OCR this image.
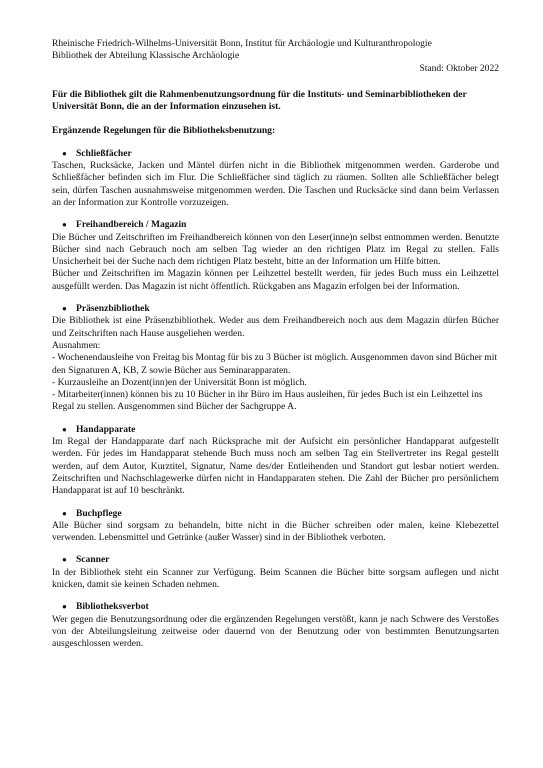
Rheinische Friedrich-Wilhelms-Universität Bonn, Institut für Archäologie und Kulturanthropologie

Bibliothek der Abteilung Klassische Archäologie

Stand: Oktober 2022

Für die Bibliothek gilt die Rahmenbenutzungsordnung für die Instituts- und Seminarbibliotheken der Universität Bonn, die an der Information einzusehen ist.

Ergänzende Regelungen für die Bibliotheksbenutzung:

● Schließfächer

Taschen, Rucksäcke, Jacken und Mäntel dürfen nicht in die Bibliothek mitgenommen werden. Garderobe und Schließfächer befinden sich im Flur. Die Schließfächer sind täglich zu räumen. Sollten alle Schließfächer belegt sein, dürfen Taschen ausnahmsweise mitgenommen werden. Die Taschen und Rucksäcke sind dann beim Verlassen an der Information zur Kontrolle vorzuzeigen.

● Freihandbereich / Magazin

Die Bücher und Zeitschriften im Freihandbereich können von den Leser(inne)n selbst entnommen werden. Benutzte Bücher sind nach Gebrauch noch am selben Tag wieder an den richtigen Platz im Regal zu stellen. Falls Unsicherheit bei der Suche nach dem richtigen Platz besteht, bitte an der Information um Hilfe bitten.

Bücher und Zeitschriften im Magazin können per Leihzettel bestellt werden, für jedes Buch muss ein Leihzettel ausgefüllt werden. Das Magazin ist nicht öffentlich. Rückgaben ans Magazin erfolgen bei der Information.

● Präsenzbibliothek

Die Bibliothek ist eine Präsenzbibliothek. Weder aus dem Freihandbereich noch aus dem Magazin dürfen Bücher und Zeitschriften nach Hause ausgeliehen werden.

Ausnahmen:

- Wochenendausleihe von Freitag bis Montag für bis zu 3 Bücher ist möglich. Ausgenommen davon sind Bücher mit den Signaturen A, KB, Z sowie Bücher aus Seminarapparaten.

- Kurzausleihe an Dozent(inn)en der Universität Bonn ist möglich.

- Mitarbeiter(innen) können bis zu 10 Bücher in ihr Büro im Haus ausleihen, für jedes Buch ist ein Leihzettel ins Regal zu stellen. Ausgenommen sind Bücher der Sachgruppe A.

● Handapparate

Im Regal der Handapparate darf nach Rücksprache mit der Aufsicht ein persönlicher Handapparat aufgestellt werden. Für jedes im Handapparat stehende Buch muss noch am selben Tag ein Stellvertreter ins Regal gestellt werden, auf dem Autor, Kurztitel, Signatur, Name des/der Entleihenden und Standort gut lesbar notiert werden. Zeitschriften und Nachschlagewerke dürfen nicht in Handapparaten stehen. Die Zahl der Bücher pro persönlichem Handapparat ist auf 10 beschränkt.

● Buchpflege

Alle Bücher sind sorgsam zu behandeln, bitte nicht in die Bücher schreiben oder malen, keine Klebezettel verwenden. Lebensmittel und Getränke (außer Wasser) sind in der Bibliothek verboten.

● Scanner

In der Bibliothek steht ein Scanner zur Verfügung. Beim Scannen die Bücher bitte sorgsam auflegen und nicht knicken, damit sie keinen Schaden nehmen.

● Bibliotheksverbot

Wer gegen die Benutzungsordnung oder die ergänzenden Regelungen verstößt, kann je nach Schwere des Verstoßes von der Abteilungsleitung zeitweise oder dauernd von der Benutzung oder von bestimmten Benutzungsarten ausgeschlossen werden.
